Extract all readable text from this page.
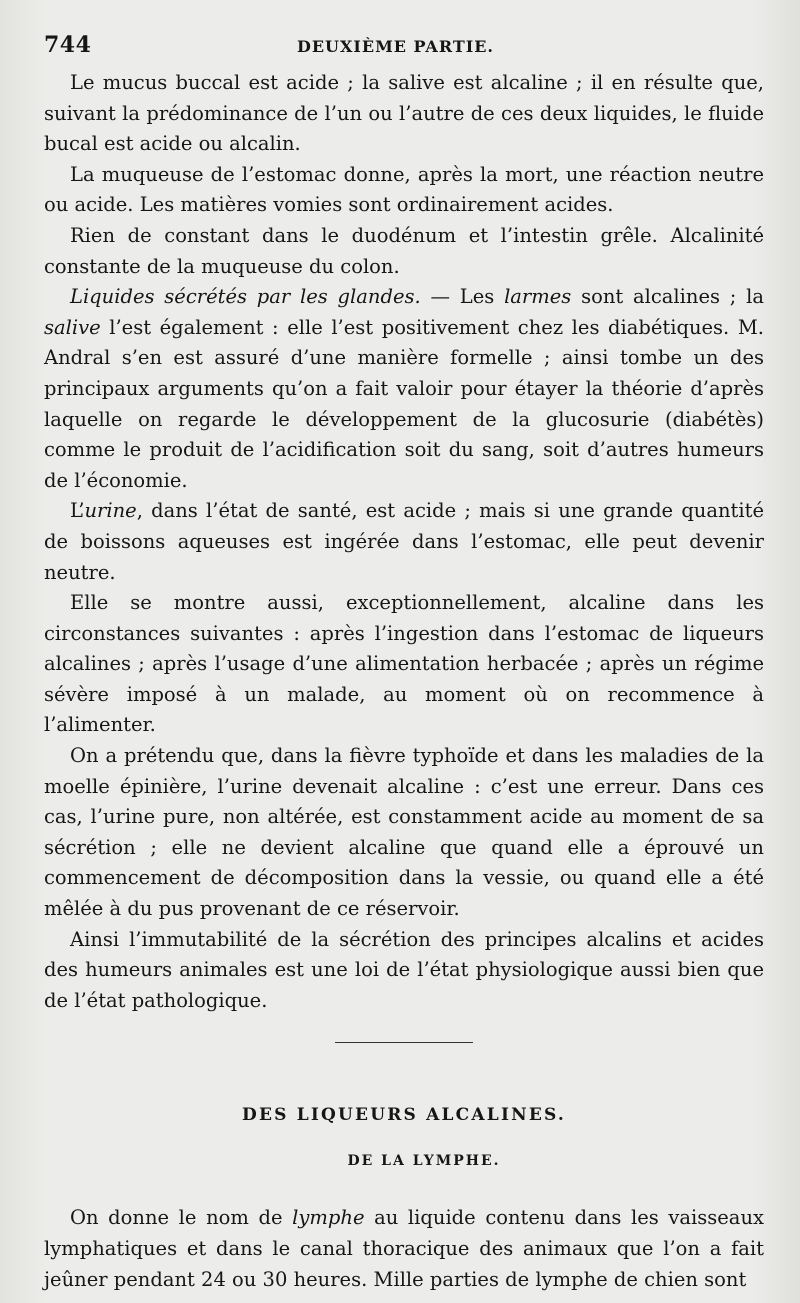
744	DEUXIÈME PARTIE.

Le mucus buccal est acide ; la salive est alcaline ; il en résulte que, suivant la prédominance de l’un ou l’autre de ces deux liquides, le fluide bucal est acide ou alcalin.

La muqueuse de l’estomac donne, après la mort, une réaction neutre ou acide. Les matières vomies sont ordinairement acides.

Rien de constant dans le duodénum et l’intestin grêle. Alcalinité constante de la muqueuse du colon.

Liquides sécrétés par les glandes. — Les larmes sont alcalines ; la salive l’est également : elle l’est positivement chez les diabétiques. M. Andral s’en est assuré d’une manière formelle ; ainsi tombe un des principaux arguments qu’on a fait valoir pour étayer la théorie d’après laquelle on regarde le développement de la glucosurie (diabétès) comme le produit de l’acidification soit du sang, soit d’autres humeurs de l’économie.

L’urine, dans l’état de santé, est acide ; mais si une grande quantité de boissons aqueuses est ingérée dans l’estomac, elle peut devenir neutre.

Elle se montre aussi, exceptionnellement, alcaline dans les circonstances suivantes : après l’ingestion dans l’estomac de liqueurs alcalines ; après l’usage d’une alimentation herbacée ; après un régime sévère imposé à un malade, au moment où on recommence à l’alimenter.

On a prétendu que, dans la fièvre typhoïde et dans les maladies de la moelle épinière, l’urine devenait alcaline : c’est une erreur. Dans ces cas, l’urine pure, non altérée, est constamment acide au moment de sa sécrétion ; elle ne devient alcaline que quand elle a éprouvé un commencement de décomposition dans la vessie, ou quand elle a été mêlée à du pus provenant de ce réservoir.

Ainsi l’immutabilité de la sécrétion des principes alcalins et acides des humeurs animales est une loi de l’état physiologique aussi bien que de l’état pathologique.

DES LIQUEURS ALCALINES.
DE LA LYMPHE.

On donne le nom de lymphe au liquide contenu dans les vaisseaux lymphatiques et dans le canal thoracique des animaux que l’on a fait jeûner pendant 24 ou 30 heures. Mille parties de lymphe de chien sont
